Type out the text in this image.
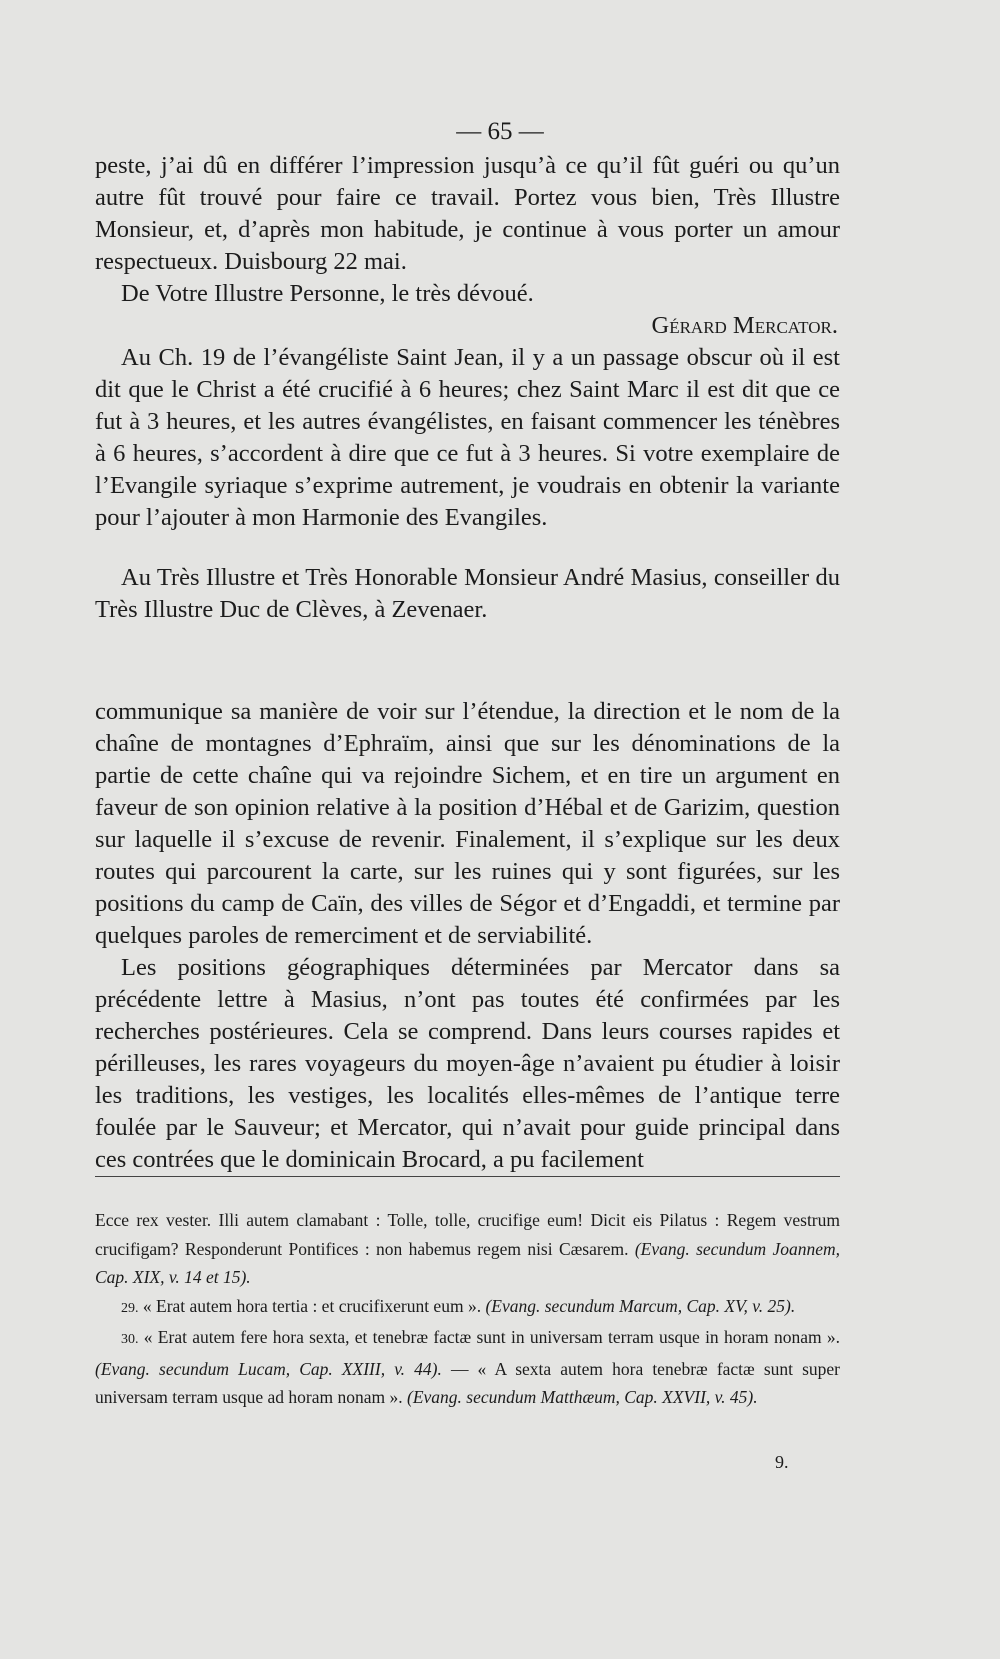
— 65 —

peste, j’ai dû en différer l’impression jusqu’à ce qu’il fût guéri ou qu’un autre fût trouvé pour faire ce travail. Portez vous bien, Très Illustre Monsieur, et, d’après mon habitude, je continue à vous porter un amour respectueux. Duisbourg 22 mai.

De Votre Illustre Personne, le très dévoué.

Gérard Mercator.

Au Ch. 19 de l’évangéliste Saint Jean, il y a un passage obscur où il est dit que le Christ a été crucifié à 6 heures; chez Saint Marc il est dit que ce fut à 3 heures, et les autres évangélistes, en faisant commencer les ténèbres à 6 heures, s’accordent à dire que ce fut à 3 heures. Si votre exemplaire de l’Evangile syriaque s’exprime autrement, je voudrais en obtenir la variante pour l’ajouter à mon Harmonie des Evangiles.

Au Très Illustre et Très Honorable Monsieur André Masius, conseiller du Très Illustre Duc de Clèves, à Zevenaer.

communique sa manière de voir sur l’étendue, la direction et le nom de la chaîne de montagnes d’Ephraïm, ainsi que sur les dénominations de la partie de cette chaîne qui va rejoindre Sichem, et en tire un argument en faveur de son opinion relative à la position d’Hébal et de Garizim, question sur laquelle il s’excuse de revenir. Finalement, il s’explique sur les deux routes qui parcourent la carte, sur les ruines qui y sont figurées, sur les positions du camp de Caïn, des villes de Ségor et d’Engaddi, et termine par quelques paroles de remerciment et de serviabilité.

Les positions géographiques déterminées par Mercator dans sa précédente lettre à Masius, n’ont pas toutes été confirmées par les recherches postérieures. Cela se comprend. Dans leurs courses rapides et périlleuses, les rares voyageurs du moyen-âge n’avaient pu étudier à loisir les traditions, les vestiges, les localités elles-mêmes de l’antique terre foulée par le Sauveur; et Mercator, qui n’avait pour guide principal dans ces contrées que le dominicain Brocard, a pu facilement

Ecce rex vester. Illi autem clamabant : Tolle, tolle, crucifige eum! Dicit eis Pilatus : Regem vestrum crucifigam? Responderunt Pontifices : non habemus regem nisi Cæsarem. (Evang. secundum Joannem, Cap. XIX, v. 14 et 15).

29. « Erat autem hora tertia : et crucifixerunt eum ». (Evang. secundum Marcum, Cap. XV, v. 25).

30. « Erat autem fere hora sexta, et tenebræ factæ sunt in universam terram usque in horam nonam ». (Evang. secundum Lucam, Cap. XXIII, v. 44). — « A sexta autem hora tenebræ factæ sunt super universam terram usque ad horam nonam ». (Evang. secundum Matthæum, Cap. XXVII, v. 45).

9.
